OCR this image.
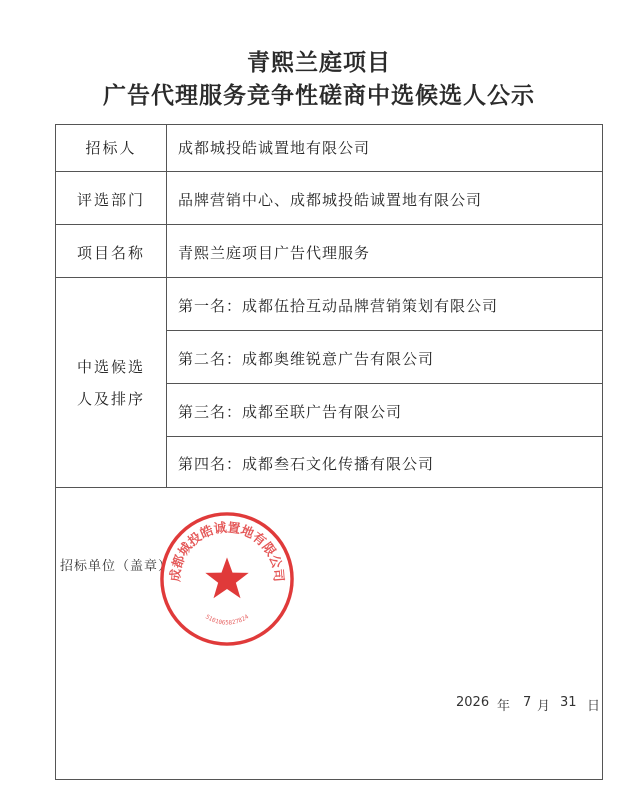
青熙兰庭项目
广告代理服务竞争性磋商中选候选人公示
招标人	成都城投皓诚置地有限公司
评选部门	品牌营销中心、成都城投皓诚置地有限公司
项目名称	青熙兰庭项目广告代理服务
中选候选
人及排序
第一名：成都伍拾互动品牌营销策划有限公司
第二名：成都奥维锐意广告有限公司
第三名：成都至联广告有限公司
第四名：成都叁石文化传播有限公司
招标单位（盖章）
成都城投皓诚置地有限公司
5101065827824
2026 年 7 月 31 日
